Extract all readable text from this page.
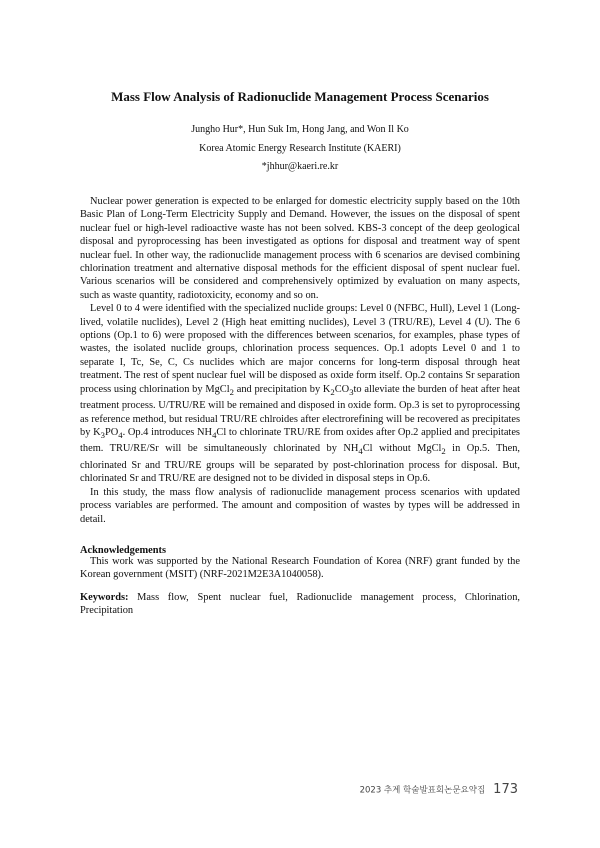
Mass Flow Analysis of Radionuclide Management Process Scenarios
Jungho Hur*, Hun Suk Im, Hong Jang, and Won Il Ko
Korea Atomic Energy Research Institute (KAERI)
*jhhur@kaeri.re.kr

Nuclear power generation is expected to be enlarged for domestic electricity supply based on the 10th Basic Plan of Long-Term Electricity Supply and Demand. However, the issues on the disposal of spent nuclear fuel or high-level radioactive waste has not been solved. KBS-3 concept of the deep geological disposal and pyroprocessing has been investigated as options for disposal and treatment way of spent nuclear fuel. In other way, the radionuclide management process with 6 scenarios are devised combining chlorination treatment and alternative disposal methods for the efficient disposal of spent nuclear fuel. Various scenarios will be considered and comprehensively optimized by evaluation on many aspects, such as waste quantity, radiotoxicity, economy and so on.

Level 0 to 4 were identified with the specialized nuclide groups: Level 0 (NFBC, Hull), Level 1 (Long-lived, volatile nuclides), Level 2 (High heat emitting nuclides), Level 3 (TRU/RE), Level 4 (U). The 6 options (Op.1 to 6) were proposed with the differences between scenarios, for examples, phase types of wastes, the isolated nuclide groups, chlorination process sequences. Op.1 adopts Level 0 and 1 to separate I, Tc, Se, C, Cs nuclides which are major concerns for long-term disposal through heat treatment. The rest of spent nuclear fuel will be disposed as oxide form itself. Op.2 contains Sr separation process using chlorination by MgCl$_2$ and precipitation by $K_2CO_3to$ alleviate the burden of heat after heat treatment process. U/TRU/RE will be remained and disposed in oxide form. Op.3 is set to pyroprocessing as reference method, but residual TRU/RE chlroides after electrorefining will be recovered as precipitates by $K_3PO_4$. Op.4 introduces $NH_4Cl$ to chlorinate TRU/RE from oxides after Op.2 applied and precipitates them. TRU/RE/Sr will be simultaneously chlorinated by $NH_4Cl$ without MgCl$_2$ in Op.5. Then, chlorinated Sr and TRU/RE groups will be separated by post-chlorination process for disposal. But, chlorinated Sr and TRU/RE are designed not to be divided in disposal steps in Op.6.

In this study, the mass flow analysis of radionuclide management process scenarios with updated process variables are performed. The amount and composition of wastes by types will be addressed in detail.

Acknowledgements
This work was supported by the National Research Foundation of Korea (NRF) grant funded by the Korean government (MSIT) (NRF-2021M2E3A1040058).
Keywords: Mass flow, Spent nuclear fuel, Radionuclide management process, Chlorination, Precipitation
2023 추계 학술발표회논문요약집 173
